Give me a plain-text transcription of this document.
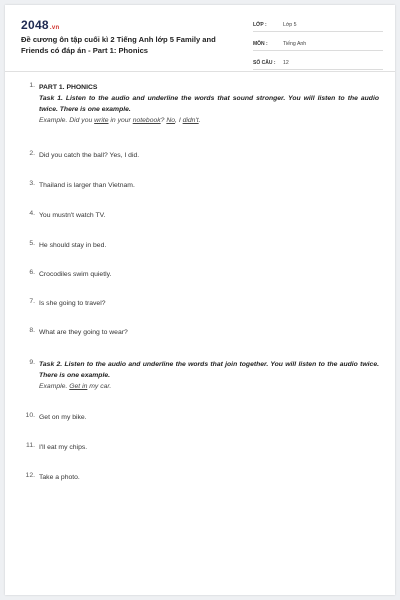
2048.vn
Đề cương ôn tập cuối kì 2 Tiếng Anh lớp 5 Family and Friends có đáp án - Part 1: Phonics
LỚP :	Lớp 5
MÔN :	Tiếng Anh
SỐ CÂU :	12
1. PART 1. PHONICS
Task 1. Listen to the audio and underline the words that sound stronger. You will listen to the audio twice. There is one example.
Example. Did you write in your notebook? No, I didn't.
2. Did you catch the ball? Yes, I did.
3. Thailand is larger than Vietnam.
4. You mustn't watch TV.
5. He should stay in bed.
6. Crocodiles swim quietly.
7. Is she going to travel?
8. What are they going to wear?
9. Task 2. Listen to the audio and underline the words that join together. You will listen to the audio twice. There is one example.
Example. Get in my car.
10. Get on my bike.
11. I'll eat my chips.
12. Take a photo.
